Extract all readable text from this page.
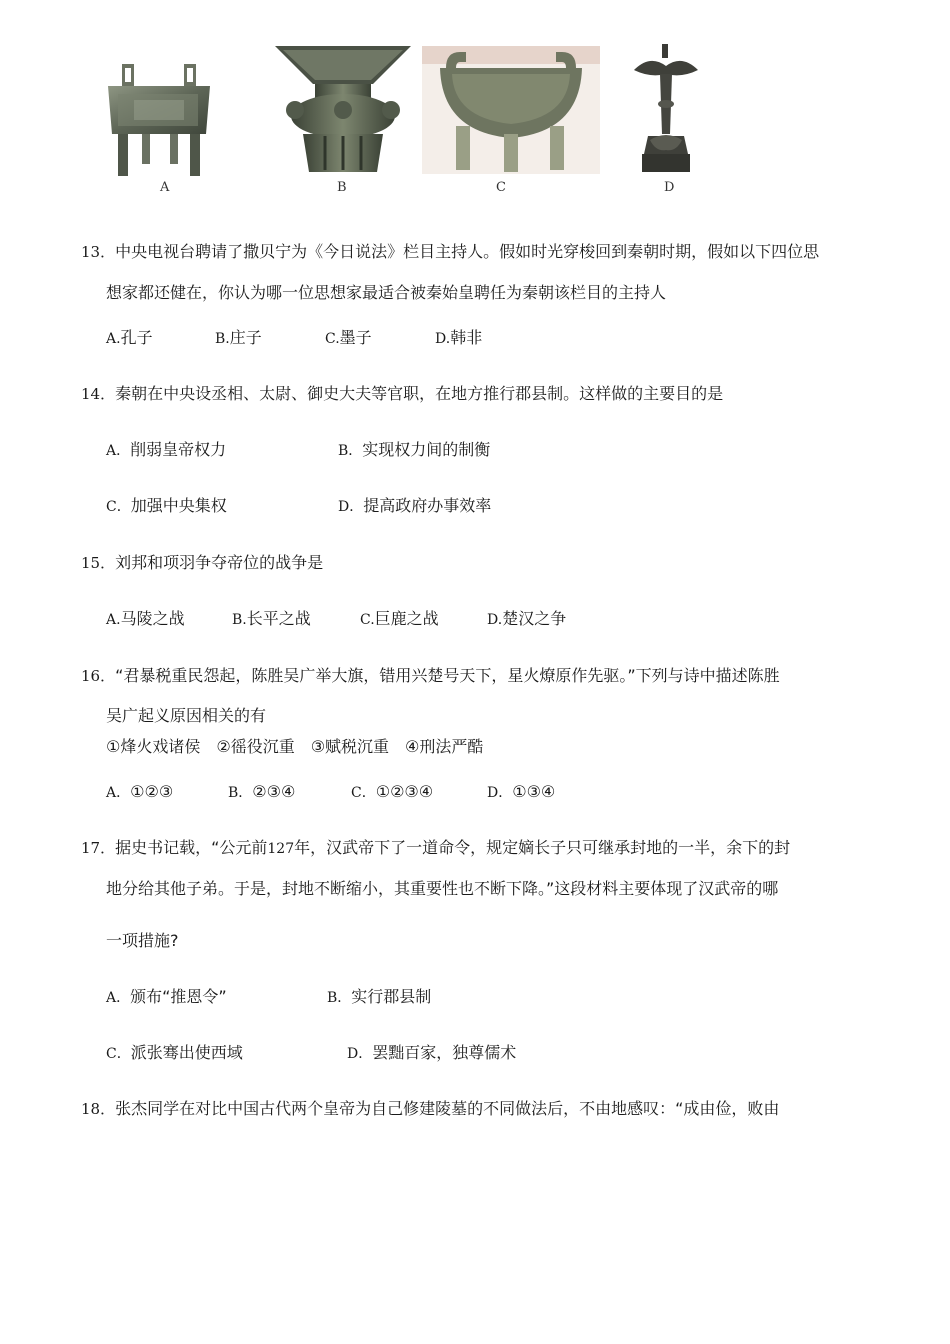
A	B	C	D
13．中央电视台聘请了撒贝宁为《今日说法》栏目主持人。假如时光穿梭回到秦朝时期，假如以下四位思
想家都还健在，你认为哪一位思想家最适合被秦始皇聘任为秦朝该栏目的主持人
A.孔子	B.庄子	C.墨子	D.韩非
14．秦朝在中央设丞相、太尉、御史大夫等官职，在地方推行郡县制。这样做的主要目的是
A．削弱皇帝权力	B．实现权力间的制衡
C．加强中央集权	D．提高政府办事效率
15．刘邦和项羽争夺帝位的战争是
A.马陵之战	B.长平之战	C.巨鹿之战	D.楚汉之争
16．“君暴税重民怨起，陈胜吴广举大旗，错用兴楚号天下，星火燎原作先驱。”下列与诗中描述陈胜
吴广起义原因相关的有
①烽火戏诸侯　②徭役沉重　③赋税沉重　④刑法严酷
A．①②③	B．②③④	C．①②③④	D．①③④
17．据史书记载，“公元前127年，汉武帝下了一道命令，规定嫡长子只可继承封地的一半，余下的封
地分给其他子弟。于是，封地不断缩小，其重要性也不断下降。”这段材料主要体现了汉武帝的哪
一项措施?
A．颁布“推恩令”	B．实行郡县制
C．派张骞出使西域	D．罢黜百家，独尊儒术
18．张杰同学在对比中国古代两个皇帝为自己修建陵墓的不同做法后，不由地感叹：“成由俭，败由
